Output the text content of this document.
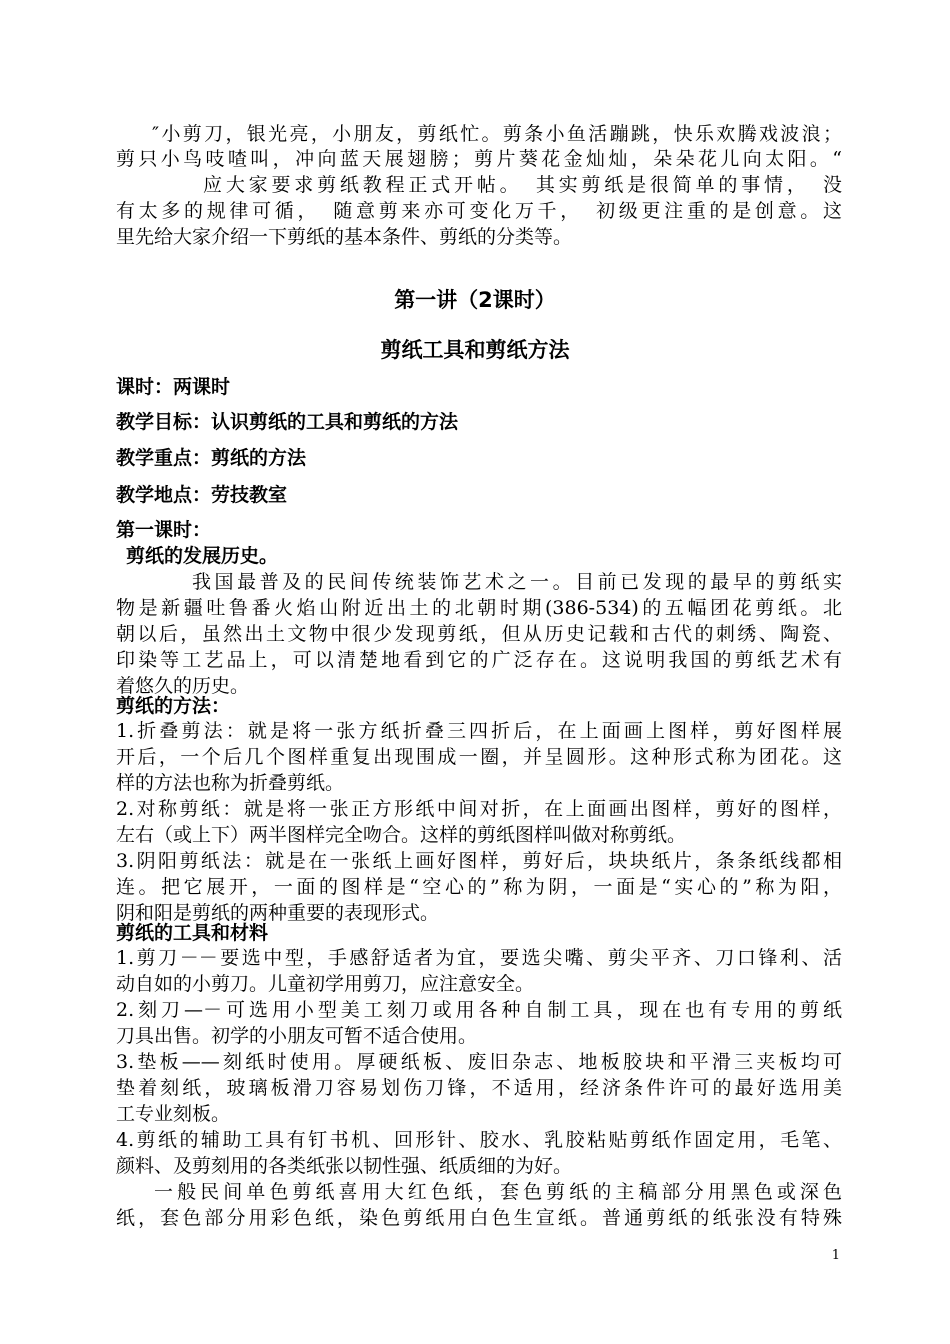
″小剪刀，银光亮，小朋友，剪纸忙。剪条小鱼活蹦跳，快乐欢腾戏波浪；
剪只小鸟吱喳叫，冲向蓝天展翅膀；剪片葵花金灿灿，朵朵花儿向太阳。“
应大家要求剪纸教程正式开帖。　其实剪纸是很简单的事情，　没
有太多的规律可循，　随意剪来亦可变化万千，　初级更注重的是创意。这
里先给大家介绍一下剪纸的基本条件、剪纸的分类等。
第一讲（2课时）
剪纸工具和剪纸方法
课时：两课时
教学目标：认识剪纸的工具和剪纸的方法
教学重点：剪纸的方法
教学地点：劳技教室
第一课时：
剪纸的发展历史。
我国最普及的民间传统装饰艺术之一。目前已发现的最早的剪纸实
物是新疆吐鲁番火焰山附近出土的北朝时期(386-534)的五幅团花剪纸。北
朝以后，虽然出土文物中很少发现剪纸，但从历史记载和古代的刺绣、陶瓷、
印染等工艺品上，可以清楚地看到它的广泛存在。这说明我国的剪纸艺术有
着悠久的历史。
剪纸的方法：
1.折叠剪法：就是将一张方纸折叠三四折后，在上面画上图样，剪好图样展
开后，一个后几个图样重复出现围成一圈，并呈圆形。这种形式称为团花。这
样的方法也称为折叠剪纸。
2.对称剪纸：就是将一张正方形纸中间对折，在上面画出图样，剪好的图样，
左右（或上下）两半图样完全吻合。这样的剪纸图样叫做对称剪纸。
3.阴阳剪纸法：就是在一张纸上画好图样，剪好后，块块纸片，条条纸线都相
连。把它展开，一面的图样是“空心的”称为阴，一面是“实心的”称为阳，
阴和阳是剪纸的两种重要的表现形式。
剪纸的工具和材料
1.剪刀－－要选中型，手感舒适者为宜，要选尖嘴、剪尖平齐、刀口锋利、活
动自如的小剪刀。儿童初学用剪刀，应注意安全。
2.刻刀—－可选用小型美工刻刀或用各种自制工具，现在也有专用的剪纸
刀具出售。初学的小朋友可暂不适合使用。
3.垫板——刻纸时使用。厚硬纸板、废旧杂志、地板胶块和平滑三夹板均可
垫着刻纸，玻璃板滑刀容易划伤刀锋，不适用，经济条件许可的最好选用美
工专业刻板。
4.剪纸的辅助工具有钉书机、回形针、胶水、乳胶粘贴剪纸作固定用，毛笔、
颜料、及剪刻用的各类纸张以韧性强、纸质细的为好。
一般民间单色剪纸喜用大红色纸，套色剪纸的主稿部分用黑色或深色
纸，套色部分用彩色纸，染色剪纸用白色生宣纸。普通剪纸的纸张没有特殊
1
